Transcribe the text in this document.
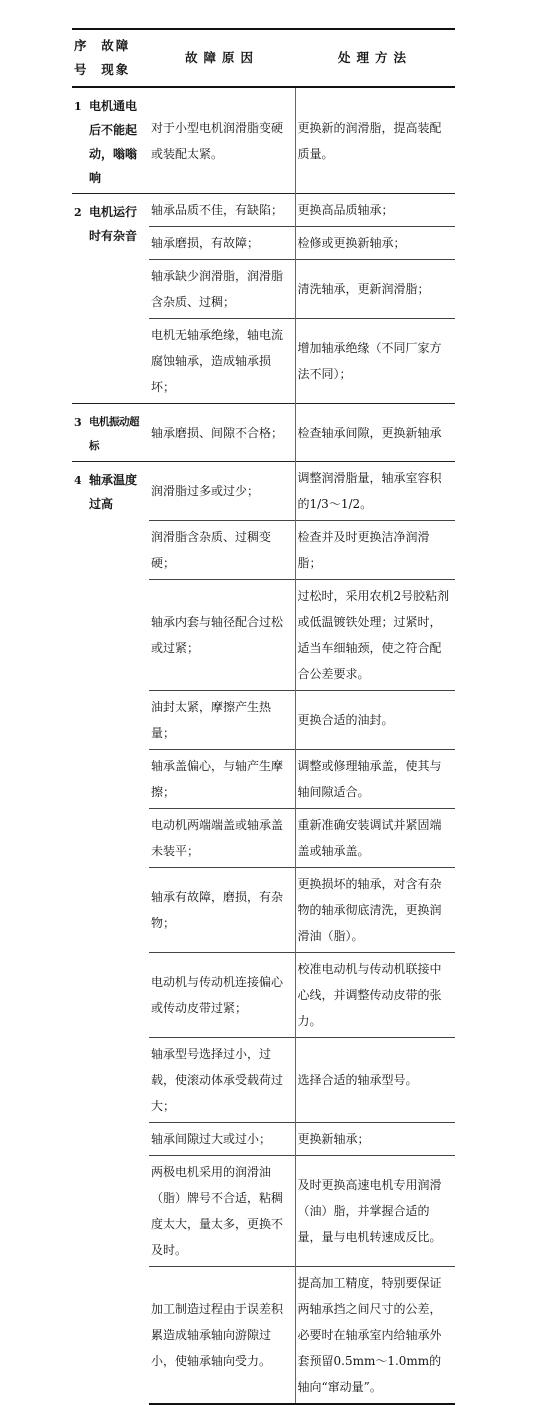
序 故障
号 现象		故障原因	处理方法
1	电机通电后不能起动，嗡嗡响	对于小型电机润滑脂变硬或装配太紧。	更换新的润滑脂，提高装配质量。
2	电机运行时有杂音	轴承品质不佳，有缺陷；	更换高品质轴承；
		轴承磨损，有故障；	检修或更换新轴承；
		轴承缺少润滑脂，润滑脂含杂质、过稠；	清洗轴承，更新润滑脂；
		电机无轴承绝缘，轴电流腐蚀轴承，造成轴承损坏；	增加轴承绝缘（不同厂家方法不同）；
3	电机振动超标	轴承磨损、间隙不合格；	检查轴承间隙，更换新轴承
4	轴承温度过高	润滑脂过多或过少；	调整润滑脂量，轴承室容积的1/3～1/2。
		润滑脂含杂质、过稠变硬；	检查并及时更换洁净润滑脂；
		轴承内套与轴径配合过松或过紧；	过松时，采用农机2号胶粘剂或低温镀铁处理；过紧时，适当车细轴颈，使之符合配合公差要求。
		油封太紧，摩擦产生热量；	更换合适的油封。
		轴承盖偏心，与轴产生摩擦；	调整或修理轴承盖，使其与轴间隙适合。
		电动机两端端盖或轴承盖未装平；	重新准确安装调试并紧固端盖或轴承盖。
		轴承有故障，磨损，有杂物；	更换损坏的轴承，对含有杂物的轴承彻底清洗，更换润滑油（脂）。
		电动机与传动机连接偏心或传动皮带过紧；	校准电动机与传动机联接中心线，并调整传动皮带的张力。
		轴承型号选择过小，过载，使滚动体承受载荷过大；	选择合适的轴承型号。
		轴承间隙过大或过小；	更换新轴承；
		两极电机采用的润滑油（脂）牌号不合适，粘稠度太大，量太多，更换不及时。	及时更换高速电机专用润滑（油）脂，并掌握合适的量，量与电机转速成反比。
		加工制造过程由于误差积累造成轴承轴向游隙过小，使轴承轴向受力。	提高加工精度，特别要保证两轴承挡之间尺寸的公差，必要时在轴承室内给轴承外套预留0.5mm～1.0mm的轴向“窜动量”。
